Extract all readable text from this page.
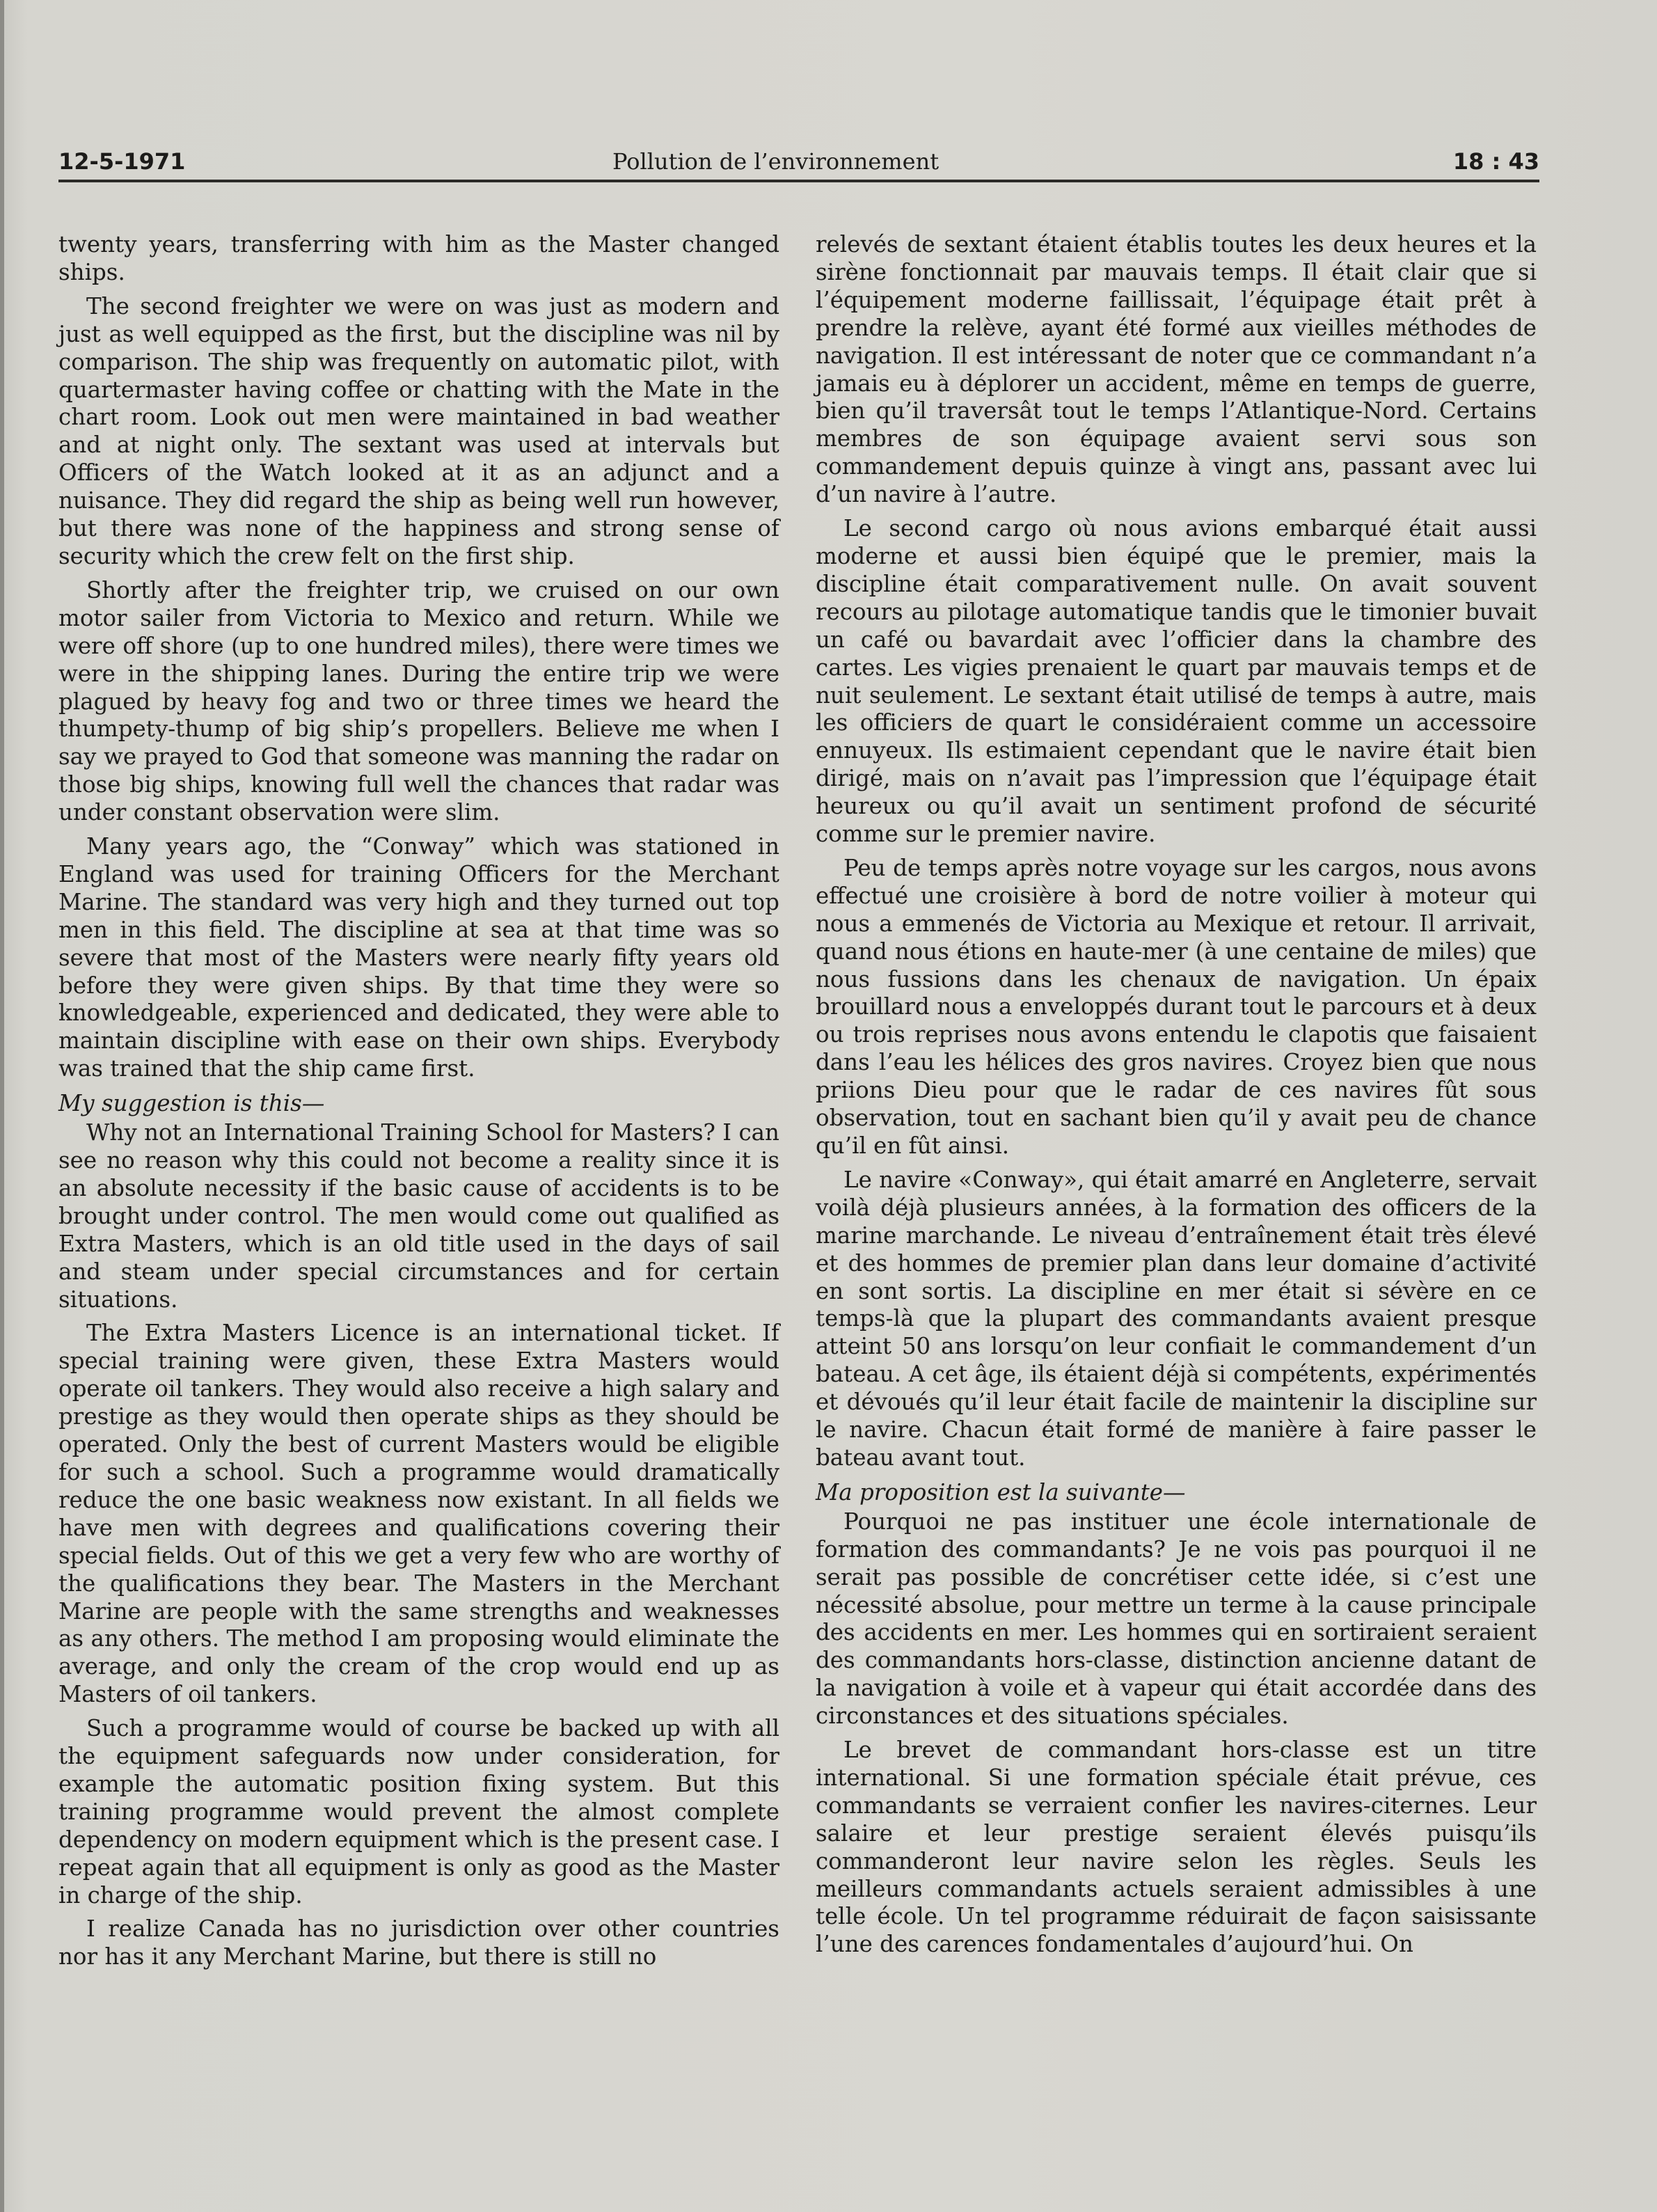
12-5-1971	Pollution de l’environnement	18 : 43

twenty years, transferring with him as the Master changed ships.

The second freighter we were on was just as modern and just as well equipped as the first, but the discipline was nil by comparison. The ship was frequently on automatic pilot, with quartermaster having coffee or chatting with the Mate in the chart room. Look out men were maintained in bad weather and at night only. The sextant was used at intervals but Officers of the Watch looked at it as an adjunct and a nuisance. They did regard the ship as being well run however, but there was none of the happiness and strong sense of security which the crew felt on the first ship.

Shortly after the freighter trip, we cruised on our own motor sailer from Victoria to Mexico and return. While we were off shore (up to one hundred miles), there were times we were in the shipping lanes. During the entire trip we were plagued by heavy fog and two or three times we heard the thumpety-thump of big ship’s propellers. Believe me when I say we prayed to God that someone was manning the radar on those big ships, knowing full well the chances that radar was under constant observation were slim.

Many years ago, the “Conway” which was stationed in England was used for training Officers for the Merchant Marine. The standard was very high and they turned out top men in this field. The discipline at sea at that time was so severe that most of the Masters were nearly fifty years old before they were given ships. By that time they were so knowledgeable, experienced and dedicated, they were able to maintain discipline with ease on their own ships. Everybody was trained that the ship came first.

My suggestion is this—

Why not an International Training School for Masters? I can see no reason why this could not become a reality since it is an absolute necessity if the basic cause of accidents is to be brought under control. The men would come out qualified as Extra Masters, which is an old title used in the days of sail and steam under special circumstances and for certain situations.

The Extra Masters Licence is an international ticket. If special training were given, these Extra Masters would operate oil tankers. They would also receive a high salary and prestige as they would then operate ships as they should be operated. Only the best of current Masters would be eligible for such a school. Such a programme would dramatically reduce the one basic weakness now existant. In all fields we have men with degrees and qualifications covering their special fields. Out of this we get a very few who are worthy of the qualifications they bear. The Masters in the Merchant Marine are people with the same strengths and weaknesses as any others. The method I am proposing would eliminate the average, and only the cream of the crop would end up as Masters of oil tankers.

Such a programme would of course be backed up with all the equipment safeguards now under consideration, for example the automatic position fixing system. But this training programme would prevent the almost complete dependency on modern equipment which is the present case. I repeat again that all equipment is only as good as the Master in charge of the ship.

I realize Canada has no jurisdiction over other countries nor has it any Merchant Marine, but there is still no

relevés de sextant étaient établis toutes les deux heures et la sirène fonctionnait par mauvais temps. Il était clair que si l’équipement moderne faillissait, l’équipage était prêt à prendre la relève, ayant été formé aux vieilles méthodes de navigation. Il est intéressant de noter que ce commandant n’a jamais eu à déplorer un accident, même en temps de guerre, bien qu’il traversât tout le temps l’Atlantique-Nord. Certains membres de son équipage avaient servi sous son commandement depuis quinze à vingt ans, passant avec lui d’un navire à l’autre.

Le second cargo où nous avions embarqué était aussi moderne et aussi bien équipé que le premier, mais la discipline était comparativement nulle. On avait souvent recours au pilotage automatique tandis que le timonier buvait un café ou bavardait avec l’officier dans la chambre des cartes. Les vigies prenaient le quart par mauvais temps et de nuit seulement. Le sextant était utilisé de temps à autre, mais les officiers de quart le considéraient comme un accessoire ennuyeux. Ils estimaient cependant que le navire était bien dirigé, mais on n’avait pas l’impression que l’équipage était heureux ou qu’il avait un sentiment profond de sécurité comme sur le premier navire.

Peu de temps après notre voyage sur les cargos, nous avons effectué une croisière à bord de notre voilier à moteur qui nous a emmenés de Victoria au Mexique et retour. Il arrivait, quand nous étions en haute-mer (à une centaine de miles) que nous fussions dans les chenaux de navigation. Un épaix brouillard nous a enveloppés durant tout le parcours et à deux ou trois reprises nous avons entendu le clapotis que faisaient dans l’eau les hélices des gros navires. Croyez bien que nous priions Dieu pour que le radar de ces navires fût sous observation, tout en sachant bien qu’il y avait peu de chance qu’il en fût ainsi.

Le navire «Conway», qui était amarré en Angleterre, servait voilà déjà plusieurs années, à la formation des officers de la marine marchande. Le niveau d’entraînement était très élevé et des hommes de premier plan dans leur domaine d’activité en sont sortis. La discipline en mer était si sévère en ce temps-là que la plupart des commandants avaient presque atteint 50 ans lorsqu’on leur confiait le commandement d’un bateau. A cet âge, ils étaient déjà si compétents, expérimentés et dévoués qu’il leur était facile de maintenir la discipline sur le navire. Chacun était formé de manière à faire passer le bateau avant tout.

Ma proposition est la suivante—

Pourquoi ne pas instituer une école internationale de formation des commandants? Je ne vois pas pourquoi il ne serait pas possible de concrétiser cette idée, si c’est une nécessité absolue, pour mettre un terme à la cause principale des accidents en mer. Les hommes qui en sortiraient seraient des commandants hors-classe, distinction ancienne datant de la navigation à voile et à vapeur qui était accordée dans des circonstances et des situations spéciales.

Le brevet de commandant hors-classe est un titre international. Si une formation spéciale était prévue, ces commandants se verraient confier les navires-citernes. Leur salaire et leur prestige seraient élevés puisqu’ils commanderont leur navire selon les règles. Seuls les meilleurs commandants actuels seraient admissibles à une telle école. Un tel programme réduirait de façon saisissante l’une des carences fondamentales d’aujourd’hui. On
